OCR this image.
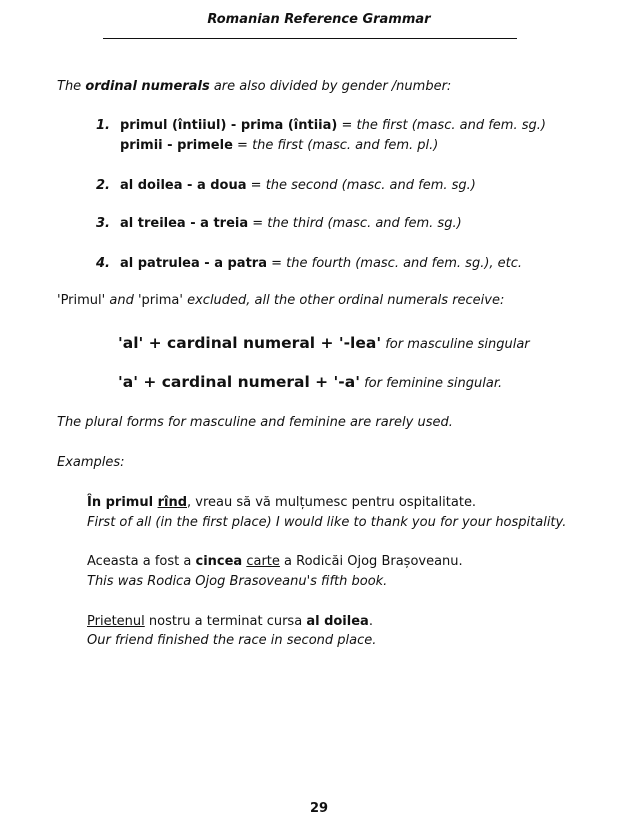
Romanian Reference Grammar
The ordinal numerals are also divided by gender /number:
1. primul (întiiul) - prima (întiia) = the first (masc. and fem. sg.)
primii - primele = the first (masc. and fem. pl.)
2. al doilea - a doua = the second (masc. and fem. sg.)
3. al treilea - a treia = the third (masc. and fem. sg.)
4. al patrulea - a patra = the fourth (masc. and fem. sg.), etc.
'Primul' and 'prima' excluded, all the other ordinal numerals receive:
'al' + cardinal numeral + '-lea' for masculine singular
'a' + cardinal numeral + '-a' for feminine singular.
The plural forms for masculine and feminine are rarely used.
Examples:
În primul rînd, vreau să vă mulțumesc pentru ospitalitate.
First of all (in the first place) I would like to thank you for your hospitality.
Aceasta a fost a cincea carte a Rodicăi Ojog Brașoveanu.
This was Rodica Ojog Brasoveanu's fifth book.
Prietenul nostru a terminat cursa al doilea.
Our friend finished the race in second place.
29
